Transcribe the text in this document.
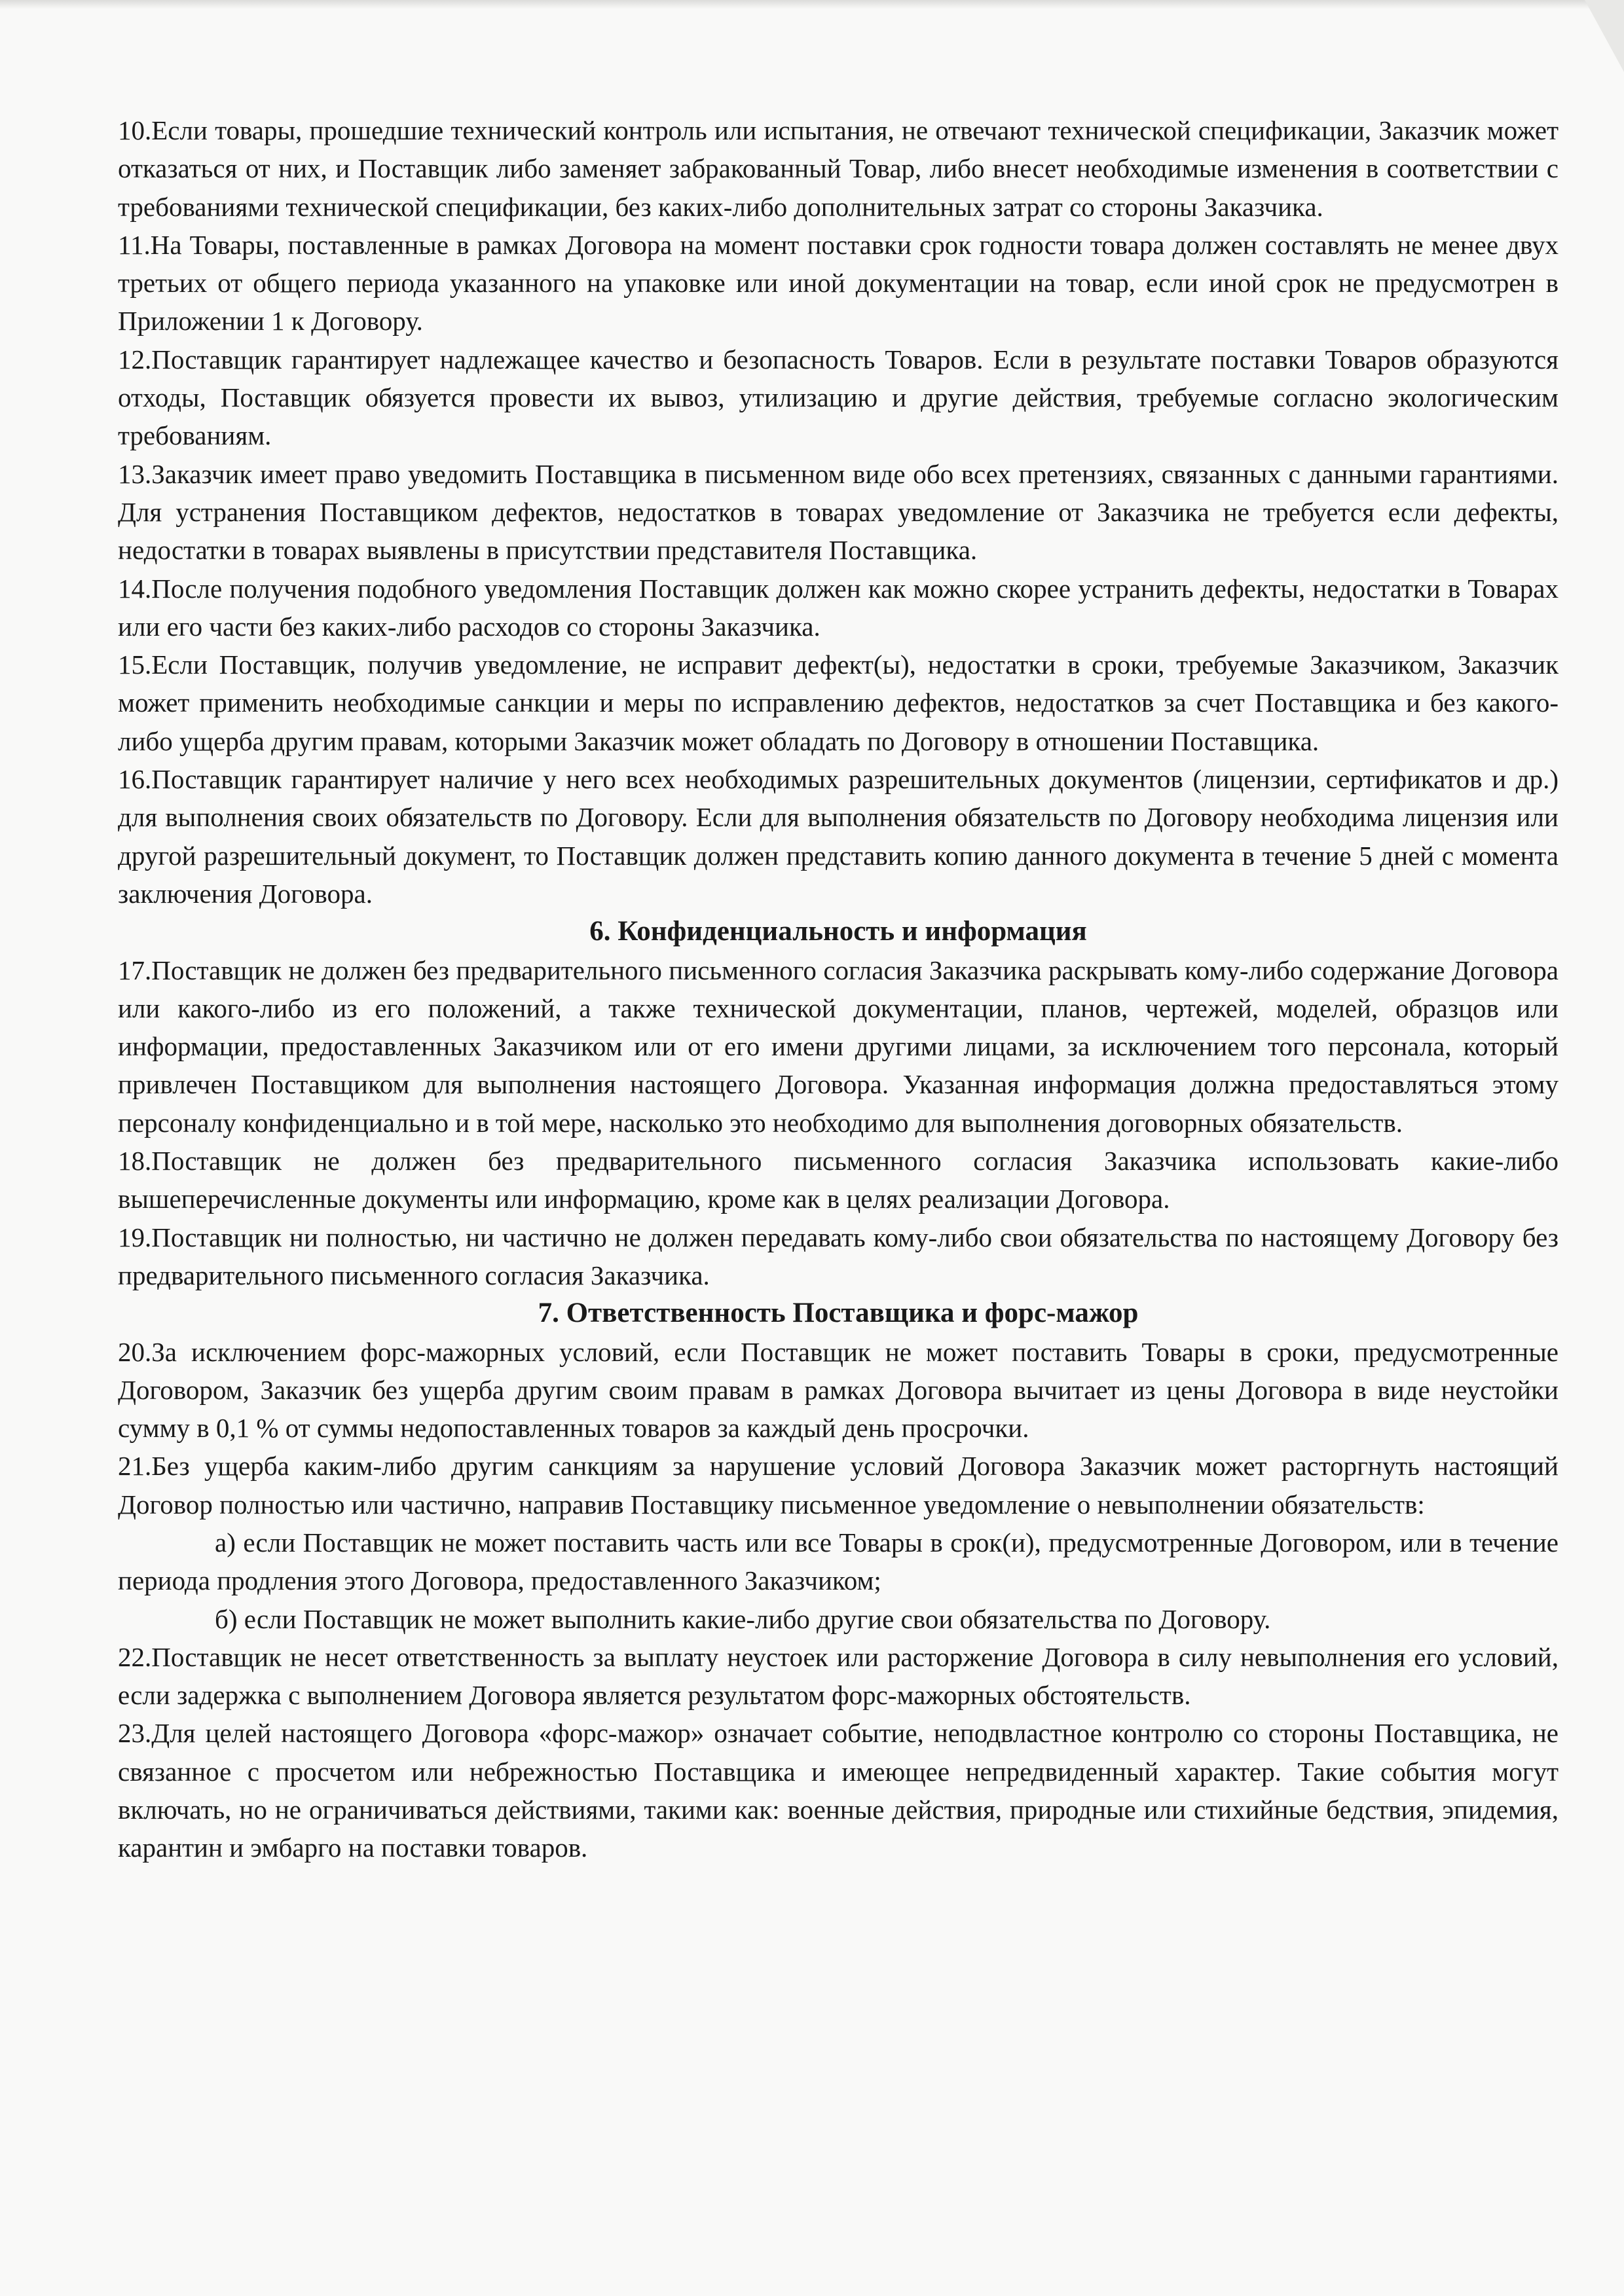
10.Если товары, прошедшие технический контроль или испытания, не отвечают технической спецификации, Заказчик может отказаться от них, и Поставщик либо заменяет забракованный Товар, либо внесет необходимые изменения в соответствии с требованиями технической спецификации, без каких-либо дополнительных затрат со стороны Заказчика.

11.На Товары, поставленные в рамках Договора на момент поставки срок годности товара должен составлять не менее двух третьих от общего периода указанного на упаковке или иной документации на товар, если иной срок не предусмотрен в Приложении 1 к Договору.

12.Поставщик гарантирует надлежащее качество и безопасность Товаров. Если в результате поставки Товаров образуются отходы, Поставщик обязуется провести их вывоз, утилизацию и другие действия, требуемые согласно экологическим требованиям.

13.Заказчик имеет право уведомить Поставщика в письменном виде обо всех претензиях, связанных с данными гарантиями. Для устранения Поставщиком дефектов, недостатков в товарах уведомление от Заказчика не требуется если дефекты, недостатки в товарах выявлены в присутствии представителя Поставщика.

14.После получения подобного уведомления Поставщик должен как можно скорее устранить дефекты, недостатки в Товарах или его части без каких-либо расходов со стороны Заказчика.

15.Если Поставщик, получив уведомление, не исправит дефект(ы), недостатки в сроки, требуемые Заказчиком, Заказчик может применить необходимые санкции и меры по исправлению дефектов, недостатков за счет Поставщика и без какого-либо ущерба другим правам, которыми Заказчик может обладать по Договору в отношении Поставщика.

16.Поставщик гарантирует наличие у него всех необходимых разрешительных документов (лицензии, сертификатов и др.) для выполнения своих обязательств по Договору. Если для выполнения обязательств по Договору необходима лицензия или другой разрешительный документ, то Поставщик должен представить копию данного документа в течение 5 дней с момента заключения Договора.

6. Конфиденциальность и информация

17.Поставщик не должен без предварительного письменного согласия Заказчика раскрывать кому-либо содержание Договора или какого-либо из его положений, а также технической документации, планов, чертежей, моделей, образцов или информации, предоставленных Заказчиком или от его имени другими лицами, за исключением того персонала, который привлечен Поставщиком для выполнения настоящего Договора. Указанная информация должна предоставляться этому персоналу конфиденциально и в той мере, насколько это необходимо для выполнения договорных обязательств.

18.Поставщик не должен без предварительного письменного согласия Заказчика использовать какие-либо вышеперечисленные документы или информацию, кроме как в целях реализации Договора.

19.Поставщик ни полностью, ни частично не должен передавать кому-либо свои обязательства по настоящему Договору без предварительного письменного согласия Заказчика.

7. Ответственность Поставщика и форс-мажор

20.За исключением форс-мажорных условий, если Поставщик не может поставить Товары в сроки, предусмотренные Договором, Заказчик без ущерба другим своим правам в рамках Договора вычитает из цены Договора в виде неустойки сумму в 0,1 % от суммы недопоставленных товаров за каждый день просрочки.

21.Без ущерба каким-либо другим санкциям за нарушение условий Договора Заказчик может расторгнуть настоящий Договор полностью или частично, направив Поставщику письменное уведомление о невыполнении обязательств:

а) если Поставщик не может поставить часть или все Товары в срок(и), предусмотренные Договором, или в течение периода продления этого Договора, предоставленного Заказчиком;

б) если Поставщик не может выполнить какие-либо другие свои обязательства по Договору.

22.Поставщик не несет ответственность за выплату неустоек или расторжение Договора в силу невыполнения его условий, если задержка с выполнением Договора является результатом форс-мажорных обстоятельств.

23.Для целей настоящего Договора «форс-мажор» означает событие, неподвластное контролю со стороны Поставщика, не связанное с просчетом или небрежностью Поставщика и имеющее непредвиденный характер. Такие события могут включать, но не ограничиваться действиями, такими как: военные действия, природные или стихийные бедствия, эпидемия, карантин и эмбарго на поставки товаров.
